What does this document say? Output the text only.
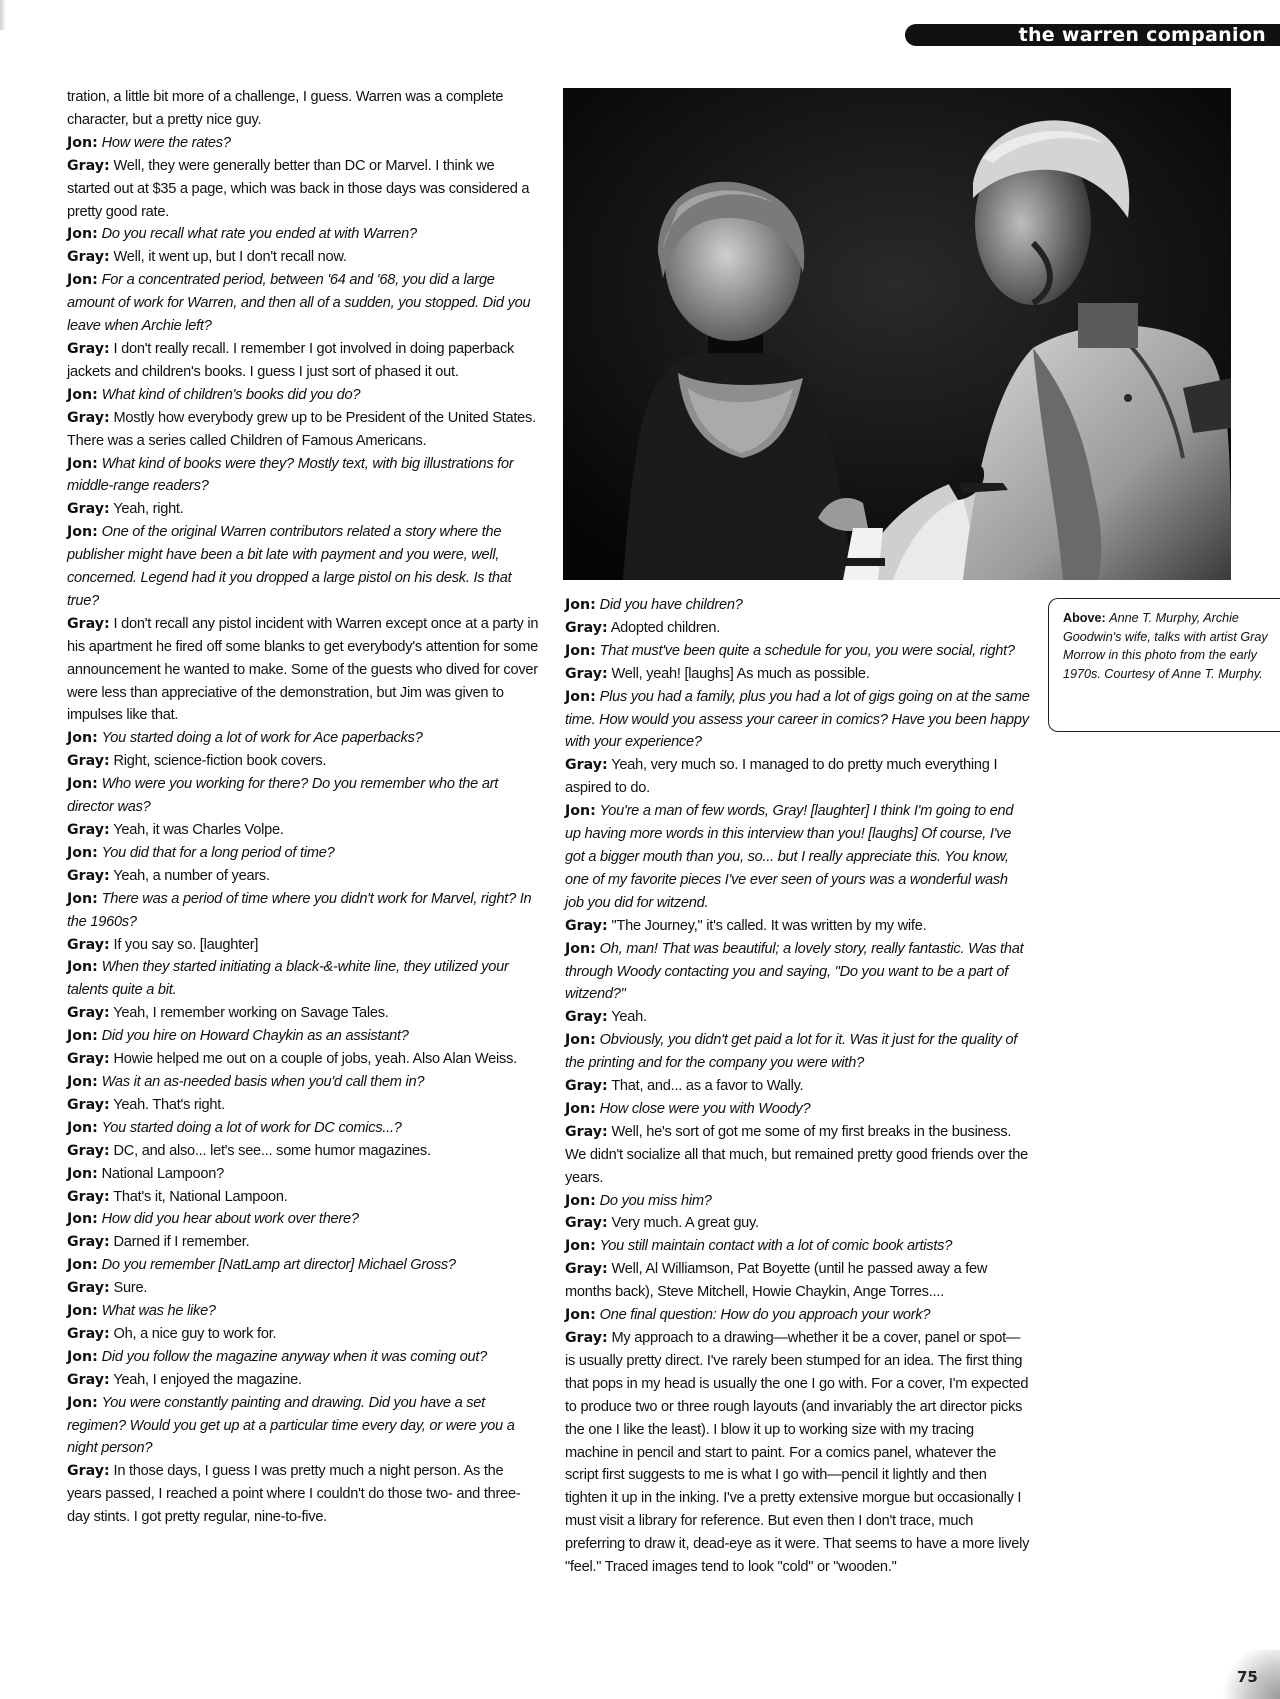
the warren companion

tration, a little bit more of a challenge, I guess. Warren was a complete character, but a pretty nice guy.

Jon: How were the rates?

Gray: Well, they were generally better than DC or Marvel. I think we started out at $35 a page, which was back in those days was considered a pretty good rate.

Jon: Do you recall what rate you ended at with Warren?

Gray: Well, it went up, but I don't recall now.

Jon: For a concentrated period, between '64 and '68, you did a large amount of work for Warren, and then all of a sudden, you stopped. Did you leave when Archie left?

Gray: I don't really recall. I remember I got involved in doing paperback jackets and children's books. I guess I just sort of phased it out.

Jon: What kind of children's books did you do?

Gray: Mostly how everybody grew up to be President of the United States. There was a series called Children of Famous Americans.

Jon: What kind of books were they? Mostly text, with big illustrations for middle-range readers?

Gray: Yeah, right.

Jon: One of the original Warren contributors related a story where the publisher might have been a bit late with payment and you were, well, concerned. Legend had it you dropped a large pistol on his desk. Is that true?

Gray: I don't recall any pistol incident with Warren except once at a party in his apartment he fired off some blanks to get everybody's attention for some announcement he wanted to make. Some of the guests who dived for cover were less than appreciative of the demonstration, but Jim was given to impulses like that.

Jon: You started doing a lot of work for Ace paperbacks?

Gray: Right, science-fiction book covers.

Jon: Who were you working for there? Do you remember who the art director was?

Gray: Yeah, it was Charles Volpe.

Jon: You did that for a long period of time?

Gray: Yeah, a number of years.

Jon: There was a period of time where you didn't work for Marvel, right? In the 1960s?

Gray: If you say so. [laughter]

Jon: When they started initiating a black-&-white line, they utilized your talents quite a bit.

Gray: Yeah, I remember working on Savage Tales.

Jon: Did you hire on Howard Chaykin as an assistant?

Gray: Howie helped me out on a couple of jobs, yeah. Also Alan Weiss.

Jon: Was it an as-needed basis when you'd call them in?

Gray: Yeah. That's right.

Jon: You started doing a lot of work for DC comics...?

Gray: DC, and also... let's see... some humor magazines.

Jon: National Lampoon?

Gray: That's it, National Lampoon.

Jon: How did you hear about work over there?

Gray: Darned if I remember.

Jon: Do you remember [NatLamp art director] Michael Gross?

Gray: Sure.

Jon: What was he like?

Gray: Oh, a nice guy to work for.

Jon: Did you follow the magazine anyway when it was coming out?

Gray: Yeah, I enjoyed the magazine.

Jon: You were constantly painting and drawing. Did you have a set regimen? Would you get up at a particular time every day, or were you a night person?

Gray: In those days, I guess I was pretty much a night person. As the years passed, I reached a point where I couldn't do those two- and three-day stints. I got pretty regular, nine-to-five.

Jon: Did you have children?

Gray: Adopted children.

Jon: That must've been quite a schedule for you, you were social, right?

Gray: Well, yeah! [laughs] As much as possible.

Jon: Plus you had a family, plus you had a lot of gigs going on at the same time. How would you assess your career in comics? Have you been happy with your experience?

Gray: Yeah, very much so. I managed to do pretty much everything I aspired to do.

Jon: You're a man of few words, Gray! [laughter] I think I'm going to end up having more words in this interview than you! [laughs] Of course, I've got a bigger mouth than you, so... but I really appreciate this. You know, one of my favorite pieces I've ever seen of yours was a wonderful wash job you did for witzend.

Gray: "The Journey," it's called. It was written by my wife.

Jon: Oh, man! That was beautiful; a lovely story, really fantastic. Was that through Woody contacting you and saying, "Do you want to be a part of witzend?"

Gray: Yeah.

Jon: Obviously, you didn't get paid a lot for it. Was it just for the quality of the printing and for the company you were with?

Gray: That, and... as a favor to Wally.

Jon: How close were you with Woody?

Gray: Well, he's sort of got me some of my first breaks in the business. We didn't socialize all that much, but remained pretty good friends over the years.

Jon: Do you miss him?

Gray: Very much. A great guy.

Jon: You still maintain contact with a lot of comic book artists?

Gray: Well, Al Williamson, Pat Boyette (until he passed away a few months back), Steve Mitchell, Howie Chaykin, Ange Torres....

Jon: One final question: How do you approach your work?

Gray: My approach to a drawing—whether it be a cover, panel or spot—is usually pretty direct. I've rarely been stumped for an idea. The first thing that pops in my head is usually the one I go with. For a cover, I'm expected to produce two or three rough layouts (and invariably the art director picks the one I like the least). I blow it up to working size with my tracing machine in pencil and start to paint. For a comics panel, whatever the script first suggests to me is what I go with—pencil it lightly and then tighten it up in the inking. I've a pretty extensive morgue but occasionally I must visit a library for reference. But even then I don't trace, much preferring to draw it, dead-eye as it were. That seems to have a more lively "feel." Traced images tend to look "cold" or "wooden."

Above: Anne T. Murphy, Archie Goodwin's wife, talks with artist Gray Morrow in this photo from the early 1970s. Courtesy of Anne T. Murphy.
75
